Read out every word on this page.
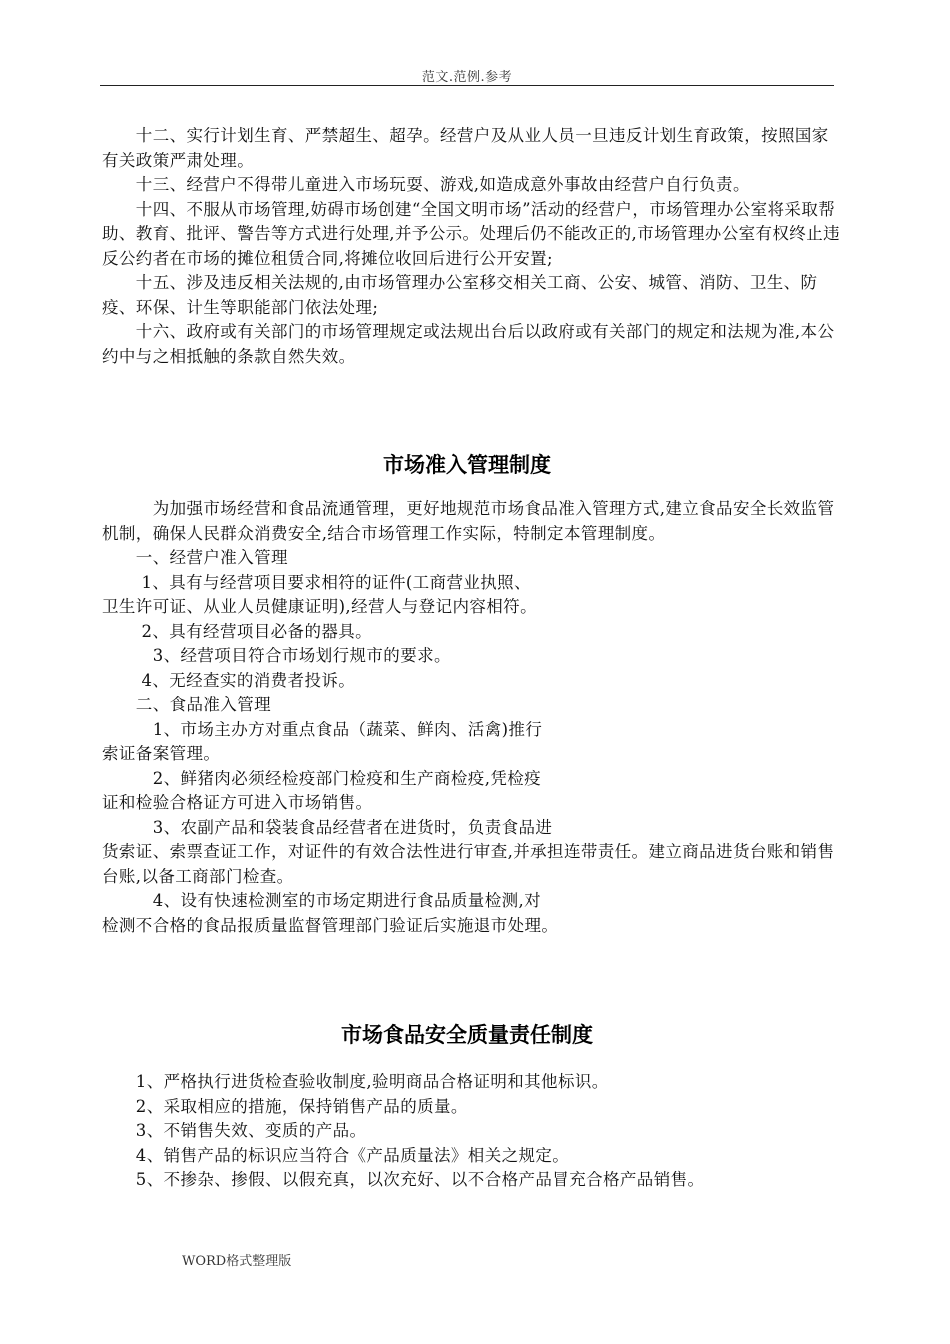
范文.范例.参考

　　十二、实行计划生育、严禁超生、超孕。经营户及从业人员一旦违反计划生育政策，按照国家有关政策严肃处理。

　　十三、经营户不得带儿童进入市场玩耍、游戏,如造成意外事故由经营户自行负责。

　　十四、不服从市场管理,妨碍市场创建“全国文明市场”活动的经营户，市场管理办公室将采取帮助、教育、批评、警告等方式进行处理,并予公示。处理后仍不能改正的,市场管理办公室有权终止违反公约者在市场的摊位租赁合同,将摊位收回后进行公开安置;

　　十五、涉及违反相关法规的,由市场管理办公室移交相关工商、公安、城管、消防、卫生、防疫、环保、计生等职能部门依法处理;

　　十六、政府或有关部门的市场管理规定或法规出台后以政府或有关部门的规定和法规为准,本公约中与之相抵触的条款自然失效。

市场准入管理制度

　　　为加强市场经营和食品流通管理，更好地规范市场食品准入管理方式,建立食品安全长效监管机制，确保人民群众消费安全,结合市场管理工作实际，特制定本管理制度。

　　一、经营户准入管理

　　 1、具有与经营项目要求相符的证件(工商营业执照、

卫生许可证、从业人员健康证明),经营人与登记内容相符。

　　 2、具有经营项目必备的器具。

　　　3、经营项目符合市场划行规市的要求。

　　 4、无经查实的消费者投诉。

　　二、食品准入管理

　　　1、市场主办方对重点食品（蔬菜、鲜肉、活禽)推行

索证备案管理。

　　　2、鲜猪肉必须经检疫部门检疫和生产商检疫,凭检疫

证和检验合格证方可进入市场销售。

　　　3、农副产品和袋装食品经营者在进货时，负责食品进

货索证、索票查证工作，对证件的有效合法性进行审查,并承担连带责任。建立商品进货台账和销售台账,以备工商部门检查。

　　　4、设有快速检测室的市场定期进行食品质量检测,对

检测不合格的食品报质量监督管理部门验证后实施退市处理。

市场食品安全质量责任制度

　　1、严格执行进货检查验收制度,验明商品合格证明和其他标识。

　　2、采取相应的措施，保持销售产品的质量。

　　3、不销售失效、变质的产品。

　　4、销售产品的标识应当符合《产品质量法》相关之规定。

　　5、不掺杂、掺假、以假充真，以次充好、以不合格产品冒充合格产品销售。

WORD格式整理版
